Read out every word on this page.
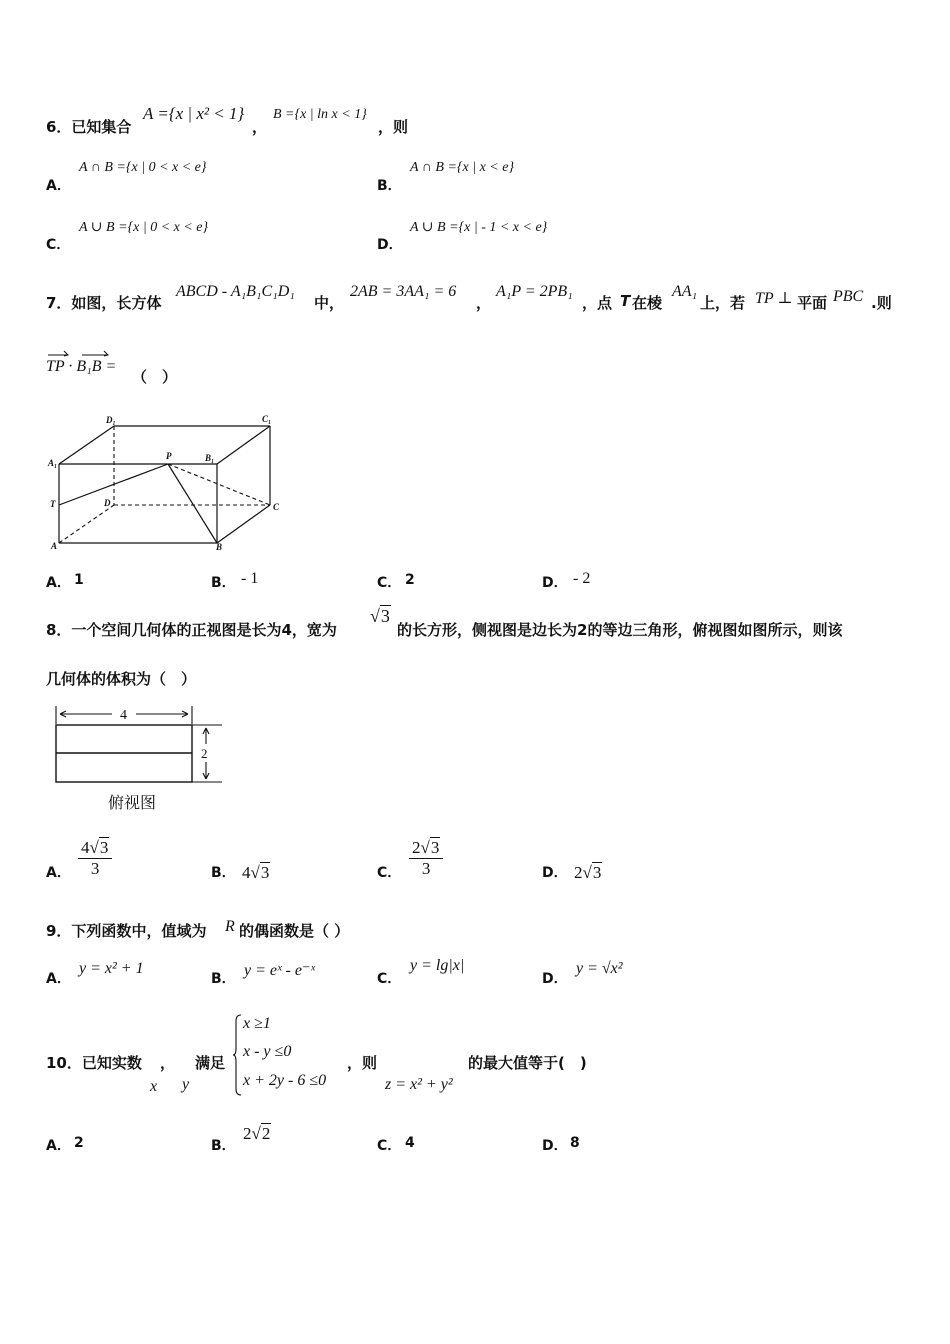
6．已知集合
A ={x | x² < 1}
，
B ={x | ln x < 1}
，则
A．
A ∩ B ={x | 0 < x < e}
B．
A ∩ B ={x | x < e}
C．
A ∪ B ={x | 0 < x < e}
D．
A ∪ B ={x | - 1 < x < e}
7．如图，长方体
ABCD - A₁B₁C₁D₁
中，
2AB = 3AA₁ = 6
，
A₁P = 2PB₁
，点 T 在棱
AA₁
上，若 TP ⊥ 平面 PBC .则
TP · B₁B =
（　）
D₁	C₁
A₁
P	B₁
T	D	C
A	B
A． 1	B． - 1	C． 2	D． - 2
8．一个空间几何体的正视图是长为4，宽为
√3
的长方形，侧视图是边长为2的等边三角形，俯视图如图所示，则该
几何体的体积为（　）
4
2
俯视图
A． $\frac{4√3}{3}$	B． 4√3	C． $\frac{2√3}{3}$	D． 2√3
9．下列函数中，值域为 R 的偶函数是（ ）
A．
y = x² + 1
B． y = eˣ - e⁻ˣ	C．
y = lg|x|
D．
y = √x²
10．已知实数 ， 满足
x y
x ≥1
x - y ≤0
x + 2y - 6 ≤0
，则
z = x² + y²
的最大值等于(　)
A． 2	B．
2√2
C． 4	D． 8
